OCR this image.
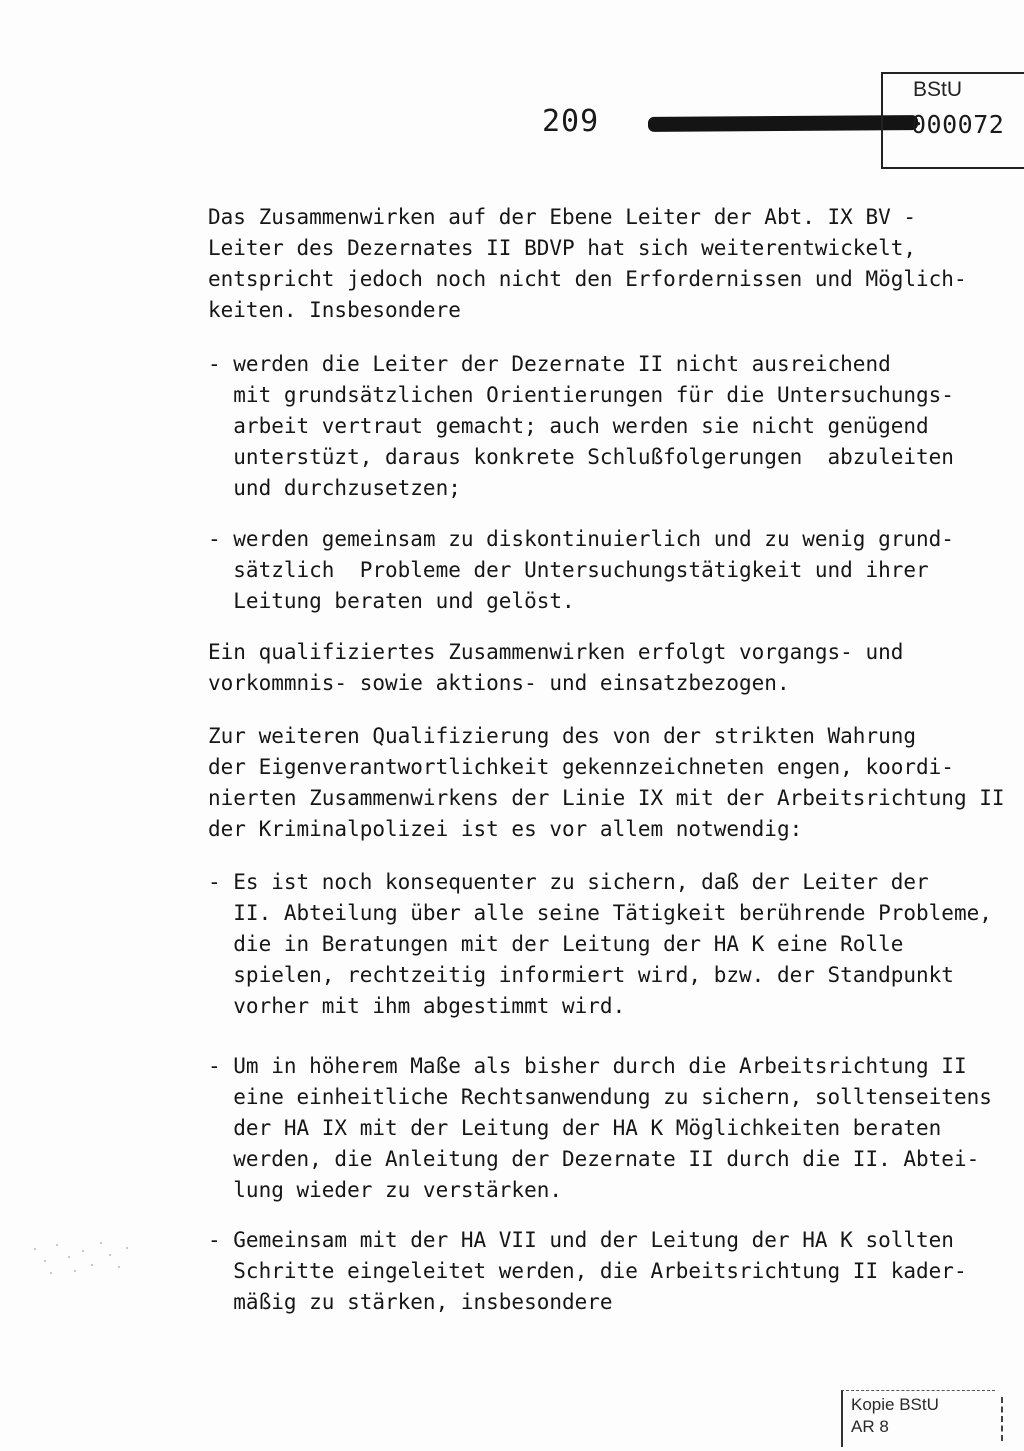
209
BStU
000072
Das Zusammenwirken auf der Ebene Leiter der Abt. IX BV -
Leiter des Dezernates II BDVP hat sich weiterentwickelt,
entspricht jedoch noch nicht den Erfordernissen und Möglich-
keiten. Insbesondere
- werden die Leiter der Dezernate II nicht ausreichend
mit grundsätzlichen Orientierungen für die Untersuchungs-
arbeit vertraut gemacht; auch werden sie nicht genügend
unterstüzt, daraus konkrete Schlußfolgerungen  abzuleiten
und durchzusetzen;
- werden gemeinsam zu diskontinuierlich und zu wenig grund-
sätzlich  Probleme der Untersuchungstätigkeit und ihrer
Leitung beraten und gelöst.
Ein qualifiziertes Zusammenwirken erfolgt vorgangs- und
vorkommnis- sowie aktions- und einsatzbezogen.
Zur weiteren Qualifizierung des von der strikten Wahrung
der Eigenverantwortlichkeit gekennzeichneten engen, koordi-
nierten Zusammenwirkens der Linie IX mit der Arbeitsrichtung II
der Kriminalpolizei ist es vor allem notwendig:
- Es ist noch konsequenter zu sichern, daß der Leiter der
II. Abteilung über alle seine Tätigkeit berührende Probleme,
die in Beratungen mit der Leitung der HA K eine Rolle
spielen, rechtzeitig informiert wird, bzw. der Standpunkt
vorher mit ihm abgestimmt wird.
- Um in höherem Maße als bisher durch die Arbeitsrichtung II
eine einheitliche Rechtsanwendung zu sichern, solltenseitens
der HA IX mit der Leitung der HA K Möglichkeiten beraten
werden, die Anleitung der Dezernate II durch die II. Abtei-
lung wieder zu verstärken.
- Gemeinsam mit der HA VII und der Leitung der HA K sollten
Schritte eingeleitet werden, die Arbeitsrichtung II kader-
mäßig zu stärken, insbesondere
Kopie BStU
AR 8
